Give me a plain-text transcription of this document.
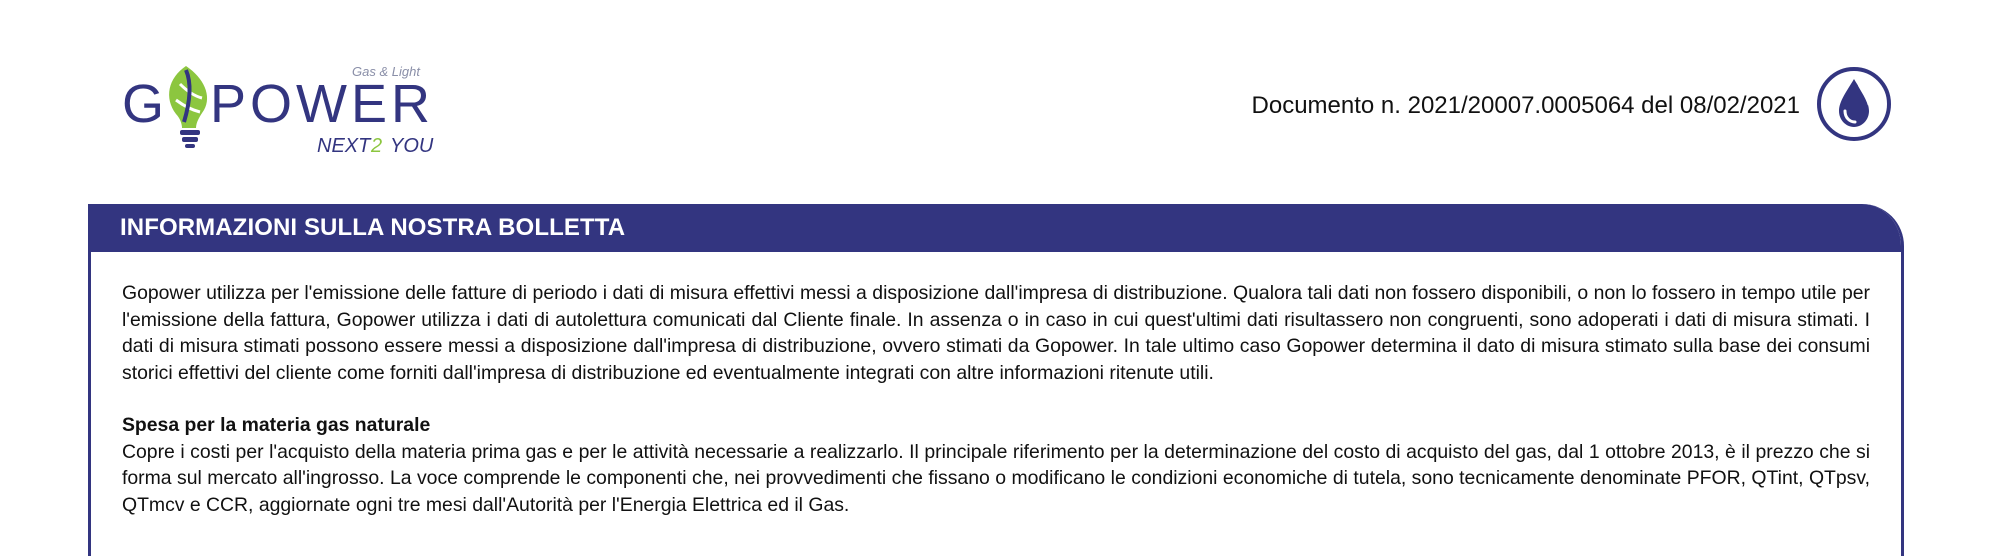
Gas & Light
G POWER
NEXT 2 YOU
Documento n. 2021/20007.0005064 del 08/02/2021
INFORMAZIONI SULLA NOSTRA BOLLETTA

Gopower utilizza per l'emissione delle fatture di periodo i dati di misura effettivi messi a disposizione dall'impresa di distribuzione. Qualora tali dati non fossero disponibili, o non lo fossero in tempo utile per l'emissione della fattura, Gopower utilizza i dati di autolettura comunicati dal Cliente finale. In assenza o in caso in cui quest'ultimi dati risultassero non congruenti, sono adoperati i dati di misura stimati. I dati di misura stimati possono essere messi a disposizione dall'impresa di distribuzione, ovvero stimati da Gopower. In tale ultimo caso Gopower determina il dato di misura stimato sulla base dei consumi storici effettivi del cliente come forniti dall'impresa di distribuzione ed eventualmente integrati con altre informazioni ritenute utili.

Spesa per la materia gas naturale

Copre i costi per l'acquisto della materia prima gas e per le attività necessarie a realizzarlo. Il principale riferimento per la determinazione del costo di acquisto del gas, dal 1 ottobre 2013, è il prezzo che si forma sul mercato all'ingrosso. La voce comprende le componenti che, nei provvedimenti che fissano o modificano le condizioni economiche di tutela, sono tecnicamente denominate PFOR, QTint, QTpsv, QTmcv e CCR, aggiornate ogni tre mesi dall'Autorità per l'Energia Elettrica ed il Gas.
